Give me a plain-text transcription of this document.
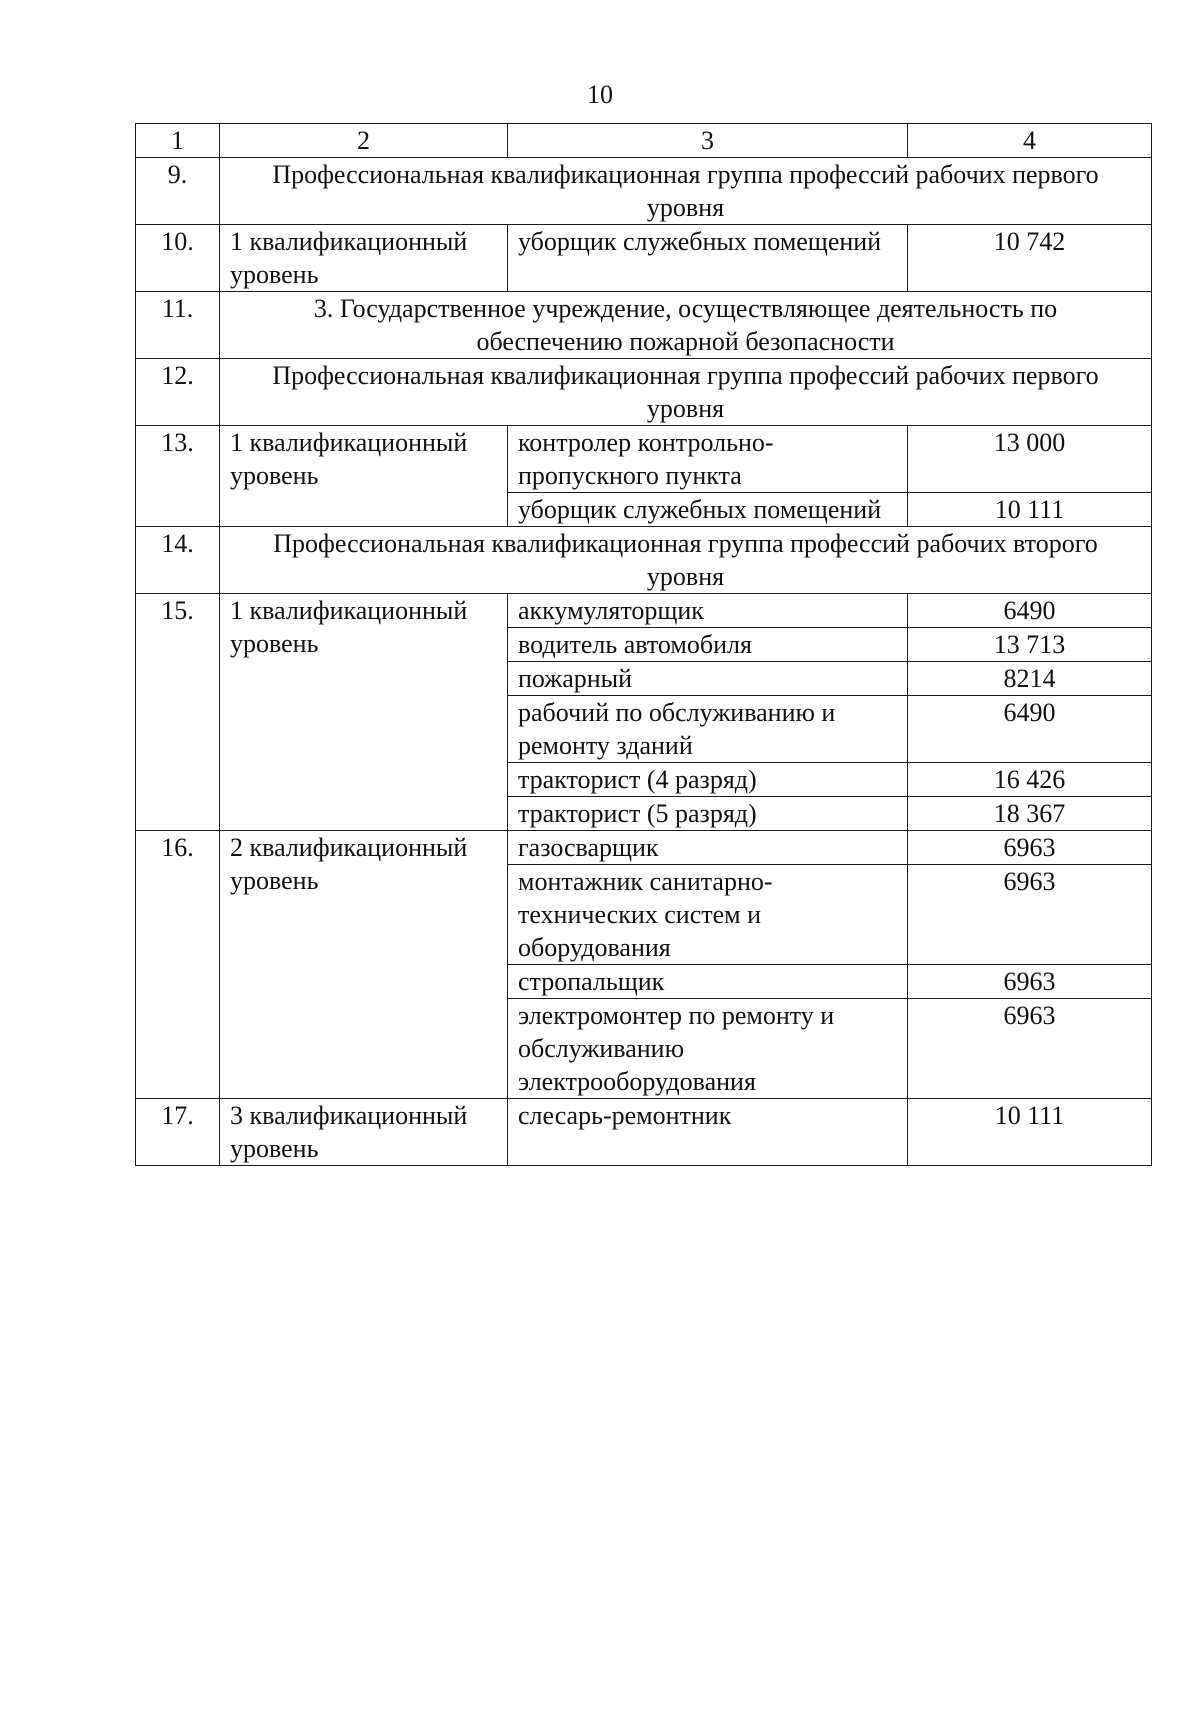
10
1	2	3	4
9.	Профессиональная квалификационная группа профессий рабочих первого уровня		
10.	1 квалификационный уровень	уборщик служебных помещений	10 742
11.	3. Государственное учреждение, осуществляющее деятельность по обеспечению пожарной безопасности		
12.	Профессиональная квалификационная группа профессий рабочих первого уровня		
13.	1 квалификационный уровень	контролер контрольно-пропускного пункта	13 000
		уборщик служебных помещений	10 111
14.	Профессиональная квалификационная группа профессий рабочих второго уровня		
15.	1 квалификационный уровень	аккумуляторщик	6490
		водитель автомобиля	13 713
		пожарный	8214
		рабочий по обслуживанию и ремонту зданий	6490
		тракторист (4 разряд)	16 426
		тракторист (5 разряд)	18 367
16.	2 квалификационный уровень	газосварщик	6963
		монтажник санитарно-технических систем и оборудования	6963
		стропальщик	6963
		электромонтер по ремонту и обслуживанию электрооборудования	6963
17.	3 квалификационный уровень	слесарь-ремонтник	10 111
